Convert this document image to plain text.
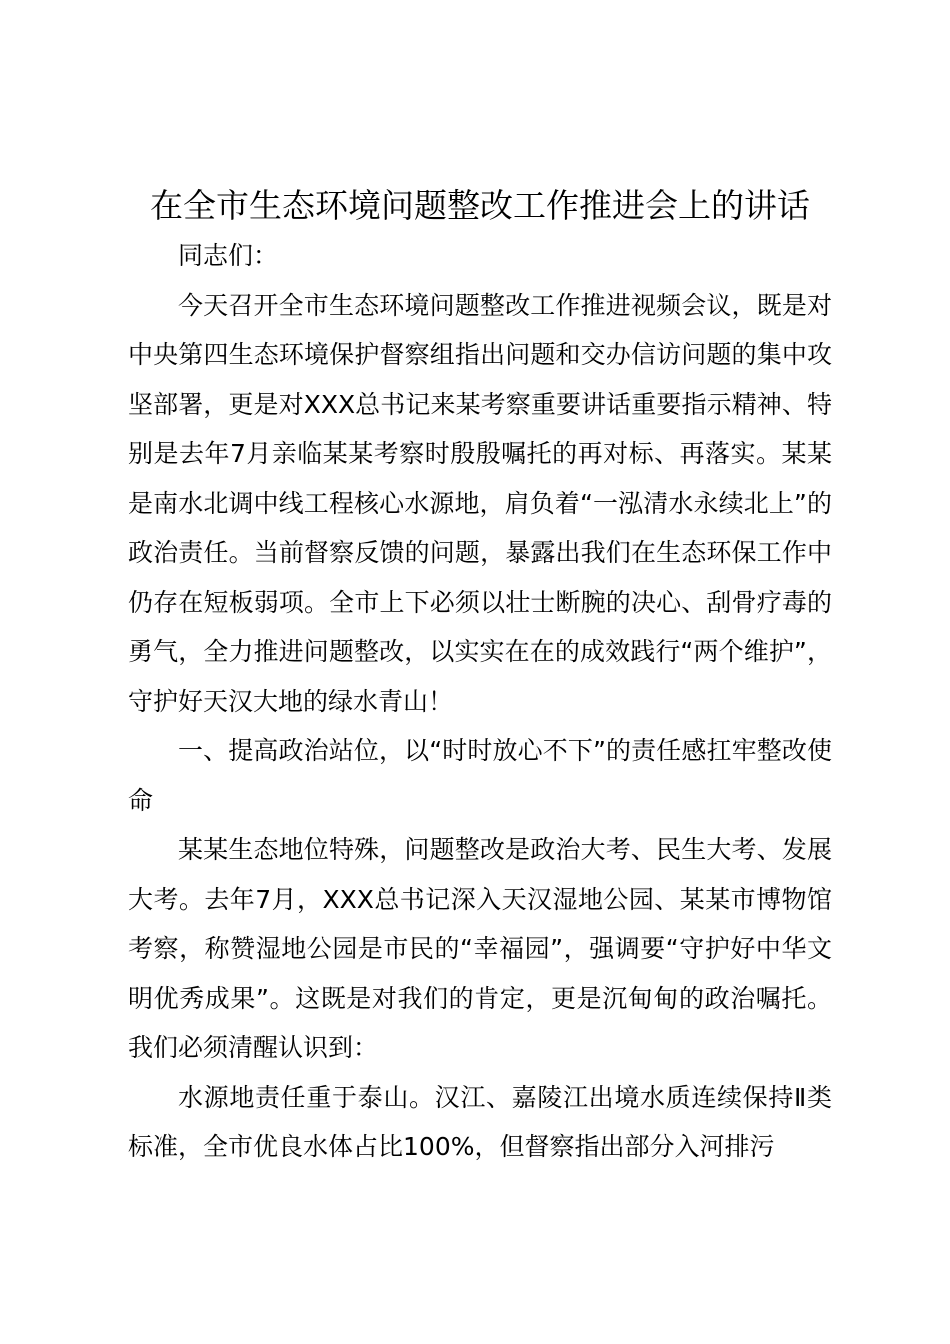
在全市生态环境问题整改工作推进会上的讲话

同志们：

今天召开全市生态环境问题整改工作推进视频会议，既是对中央第四生态环境保护督察组指出问题和交办信访问题的集中攻坚部署，更是对XXX总书记来某考察重要讲话重要指示精神、特别是去年7月亲临某某考察时殷殷嘱托的再对标、再落实。某某是南水北调中线工程核心水源地，肩负着“一泓清水永续北上”的政治责任。当前督察反馈的问题，暴露出我们在生态环保工作中仍存在短板弱项。全市上下必须以壮士断腕的决心、刮骨疗毒的勇气，全力推进问题整改，以实实在在的成效践行“两个维护”，守护好天汉大地的绿水青山！

一、提高政治站位，以“时时放心不下”的责任感扛牢整改使命

某某生态地位特殊，问题整改是政治大考、民生大考、发展大考。去年7月，XXX总书记深入天汉湿地公园、某某市博物馆考察，称赞湿地公园是市民的“幸福园”，强调要“守护好中华文明优秀成果”。这既是对我们的肯定，更是沉甸甸的政治嘱托。我们必须清醒认识到：

水源地责任重于泰山。汉江、嘉陵江出境水质连续保持Ⅱ类标准，全市优良水体占比100%，但督察指出部分入河排污
